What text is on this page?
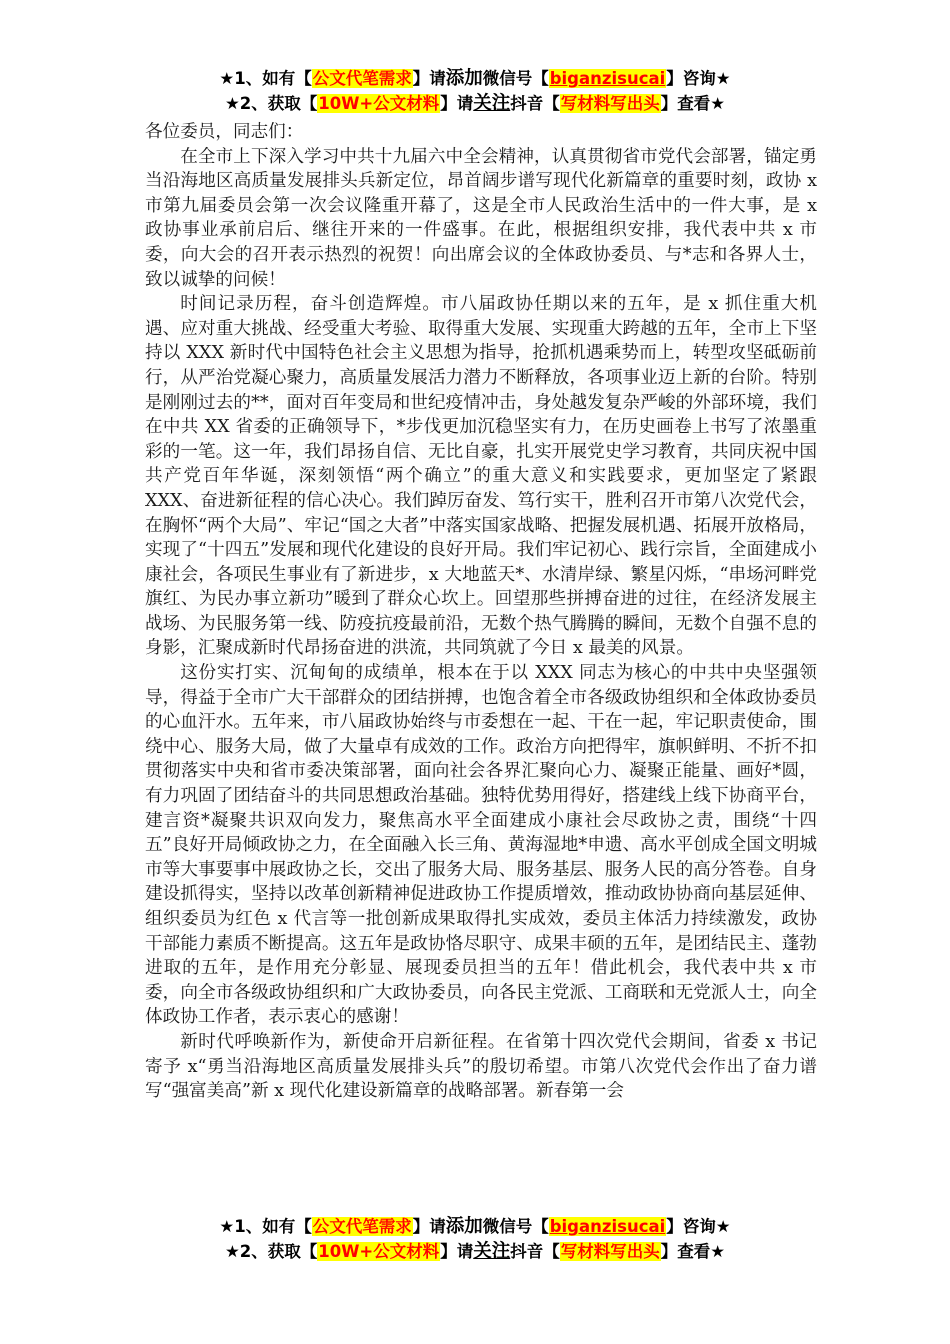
★1、如有【公文代笔需求】请添加微信号【biganzisucai】咨询★
★2、获取【10W+公文材料】请关注抖音【写材料写出头】查看★

各位委员，同志们：

在全市上下深入学习中共十九届六中全会精神，认真贯彻省市党代会部署，锚定勇当沿海地区高质量发展排头兵新定位，昂首阔步谱写现代化新篇章的重要时刻，政协 x 市第九届委员会第一次会议隆重开幕了，这是全市人民政治生活中的一件大事，是 x 政协事业承前启后、继往开来的一件盛事。在此，根据组织安排，我代表中共 x 市委，向大会的召开表示热烈的祝贺！向出席会议的全体政协委员、与*志和各界人士，致以诚挚的问候！

时间记录历程，奋斗创造辉煌。市八届政协任期以来的五年，是 x 抓住重大机遇、应对重大挑战、经受重大考验、取得重大发展、实现重大跨越的五年，全市上下坚持以 XXX 新时代中国特色社会主义思想为指导，抢抓机遇乘势而上，转型攻坚砥砺前行，从严治党凝心聚力，高质量发展活力潜力不断释放，各项事业迈上新的台阶。特别是刚刚过去的**，面对百年变局和世纪疫情冲击，身处越发复杂严峻的外部环境，我们在中共 XX 省委的正确领导下，*步伐更加沉稳坚实有力，在历史画卷上书写了浓墨重彩的一笔。这一年，我们昂扬自信、无比自豪，扎实开展党史学习教育，共同庆祝中国共产党百年华诞，深刻领悟“两个确立”的重大意义和实践要求，更加坚定了紧跟 XXX、奋进新征程的信心决心。我们踔厉奋发、笃行实干，胜利召开市第八次党代会，在胸怀“两个大局”、牢记“国之大者”中落实国家战略、把握发展机遇、拓展开放格局，实现了“十四五”发展和现代化建设的良好开局。我们牢记初心、践行宗旨，全面建成小康社会，各项民生事业有了新进步，x 大地蓝天*、水清岸绿、繁星闪烁，“串场河畔党旗红、为民办事立新功”暖到了群众心坎上。回望那些拼搏奋进的过往，在经济发展主战场、为民服务第一线、防疫抗疫最前沿，无数个热气腾腾的瞬间，无数个自强不息的身影，汇聚成新时代昂扬奋进的洪流，共同筑就了今日 x 最美的风景。

这份实打实、沉甸甸的成绩单，根本在于以 XXX 同志为核心的中共中央坚强领导，得益于全市广大干部群众的团结拼搏，也饱含着全市各级政协组织和全体政协委员的心血汗水。五年来，市八届政协始终与市委想在一起、干在一起，牢记职责使命，围绕中心、服务大局，做了大量卓有成效的工作。政治方向把得牢，旗帜鲜明、不折不扣贯彻落实中央和省市委决策部署，面向社会各界汇聚向心力、凝聚正能量、画好*圆，有力巩固了团结奋斗的共同思想政治基础。独特优势用得好，搭建线上线下协商平台，建言资*凝聚共识双向发力，聚焦高水平全面建成小康社会尽政协之责，围绕“十四五”良好开局倾政协之力，在全面融入长三角、黄海湿地*申遗、高水平创成全国文明城市等大事要事中展政协之长，交出了服务大局、服务基层、服务人民的高分答卷。自身建设抓得实，坚持以改革创新精神促进政协工作提质增效，推动政协协商向基层延伸、组织委员为红色 x 代言等一批创新成果取得扎实成效，委员主体活力持续激发，政协干部能力素质不断提高。这五年是政协恪尽职守、成果丰硕的五年，是团结民主、蓬勃进取的五年，是作用充分彰显、展现委员担当的五年！借此机会，我代表中共 x 市委，向全市各级政协组织和广大政协委员，向各民主党派、工商联和无党派人士，向全体政协工作者，表示衷心的感谢！

新时代呼唤新作为，新使命开启新征程。在省第十四次党代会期间，省委 x 书记寄予 x“勇当沿海地区高质量发展排头兵”的殷切希望。市第八次党代会作出了奋力谱写“强富美高”新 x 现代化建设新篇章的战略部署。新春第一会

★1、如有【公文代笔需求】请添加微信号【biganzisucai】咨询★
★2、获取【10W+公文材料】请关注抖音【写材料写出头】查看★
